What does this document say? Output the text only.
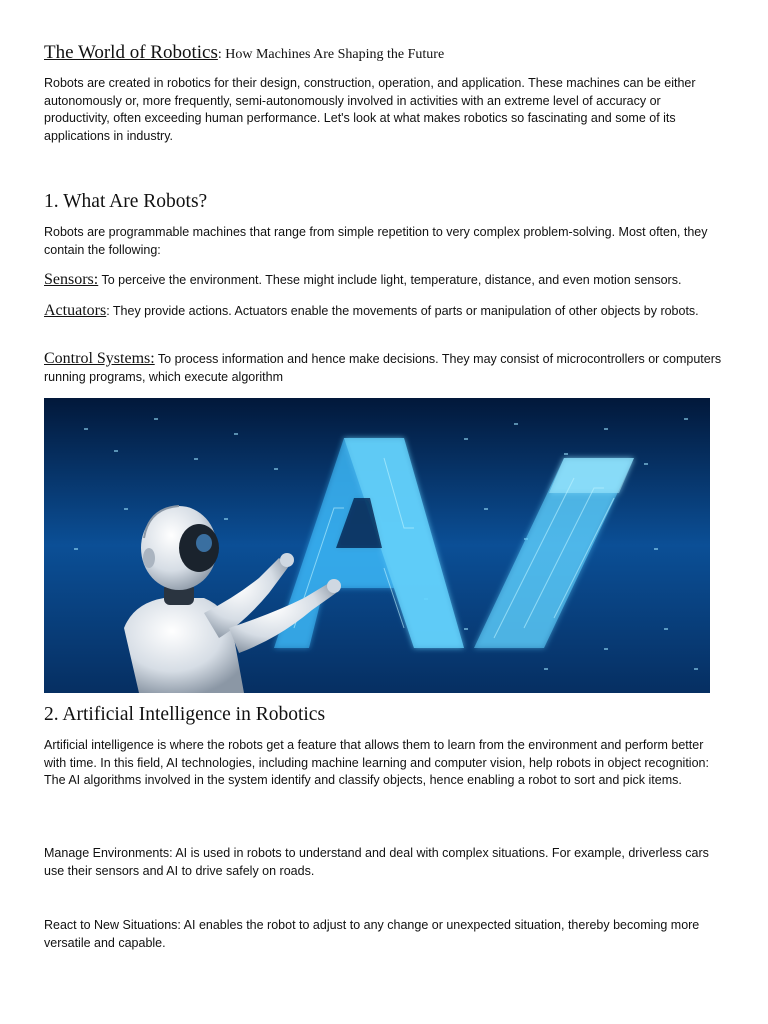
The World of Robotics: How Machines Are Shaping the Future

Robots are created in robotics for their design, construction, operation, and application. These machines can be either autonomously or, more frequently, semi-autonomously involved in activities with an extreme level of accuracy or productivity, often exceeding human performance. Let's look at what makes robotics so fascinating and some of its applications in industry.

1. What Are Robots?

Robots are programmable machines that range from simple repetition to very complex problem-solving. Most often, they contain the following:

Sensors: To perceive the environment. These might include light, temperature, distance, and even motion sensors.

Actuators: They provide actions. Actuators enable the movements of parts or manipulation of other objects by robots.

Control Systems: To process information and hence make decisions. They may consist of microcontrollers or computers running programs, which execute algorithm

2. Artificial Intelligence in Robotics

Artificial intelligence is where the robots get a feature that allows them to learn from the environment and perform better with time. In this field, AI technologies, including machine learning and computer vision, help robots in object recognition: The AI algorithms involved in the system identify and classify objects, hence enabling a robot to sort and pick items.

Manage Environments: AI is used in robots to understand and deal with complex situations. For example, driverless cars use their sensors and AI to drive safely on roads.

React to New Situations: AI enables the robot to adjust to any change or unexpected situation, thereby becoming more versatile and capable.
